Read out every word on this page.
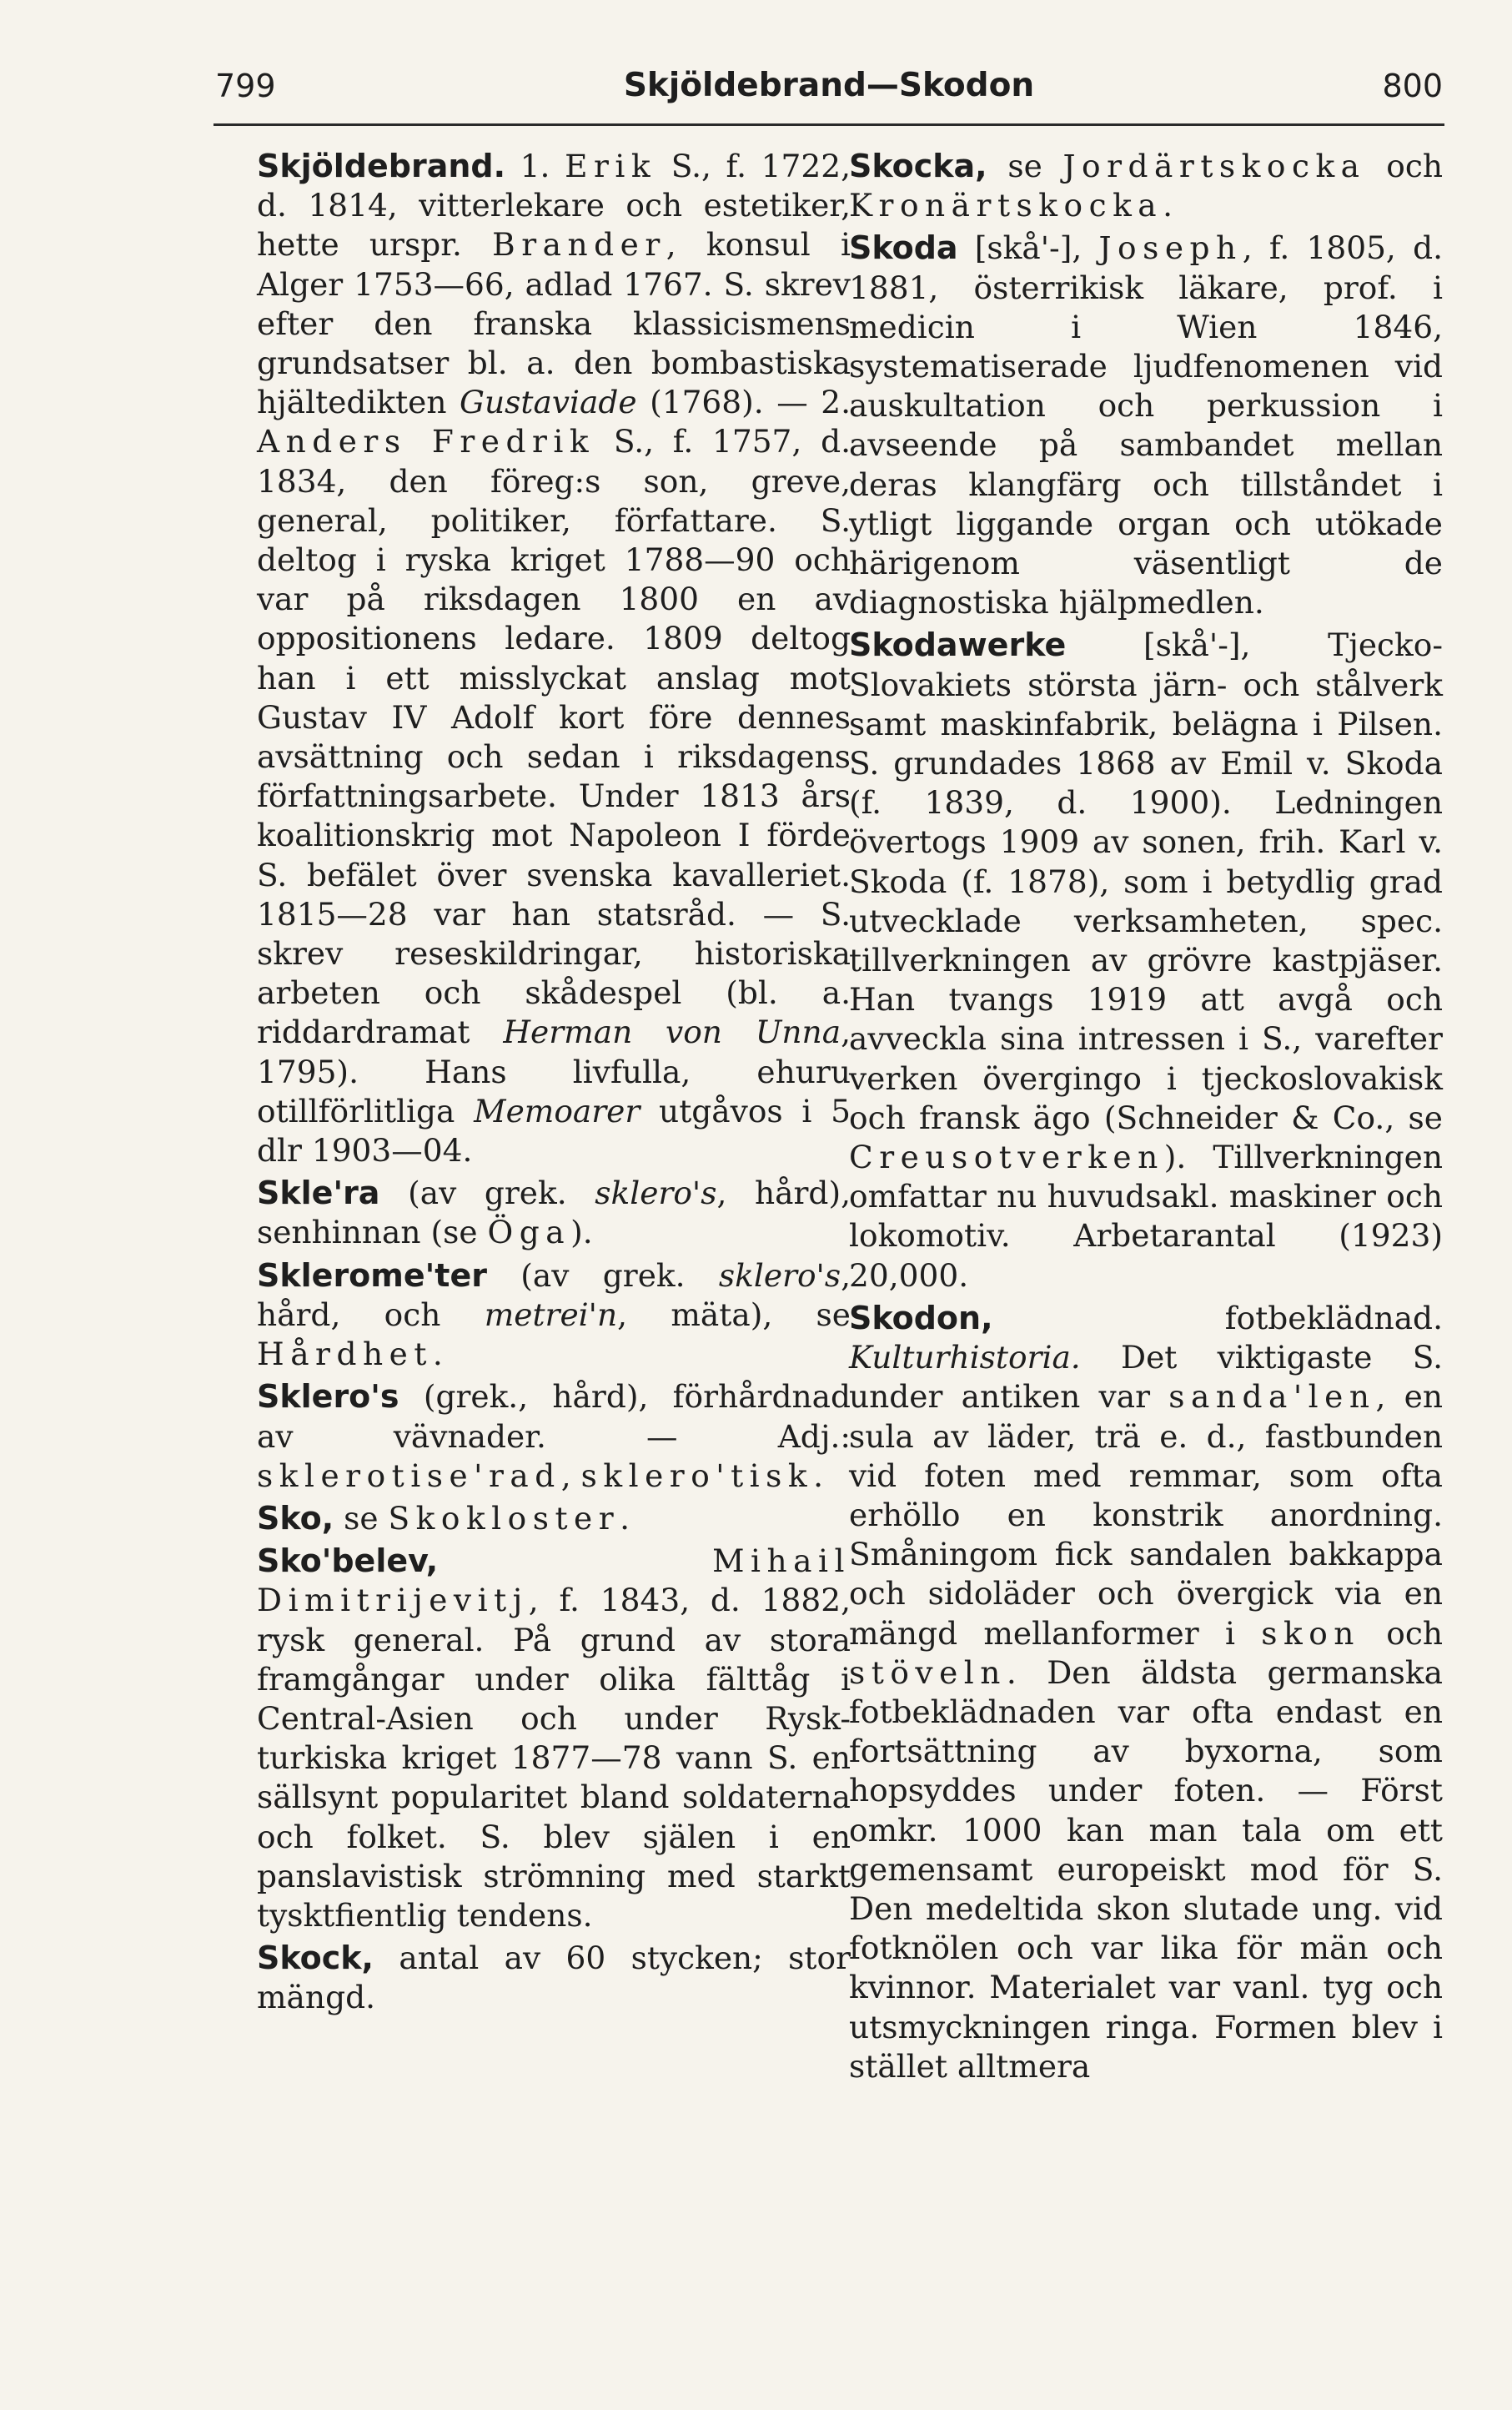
799	Skjöldebrand—Skodon	800

Skjöldebrand. 1. Erik S., f. 1722, d. 1814, vitterlekare och estetiker, hette urspr. Brander, konsul i Alger 1753—66, adlad 1767. S. skrev efter den franska klassicismens grundsatser bl. a. den bombastiska hjältedikten Gustaviade (1768). — 2. Anders Fredrik S., f. 1757, d. 1834, den föreg:s son, greve, general, politiker, författare. S. deltog i ryska kriget 1788—90 och var på riksdagen 1800 en av oppositionens ledare. 1809 deltog han i ett misslyckat anslag mot Gustav IV Adolf kort före dennes avsättning och sedan i riksdagens författningsarbete. Under 1813 års koalitionskrig mot Napoleon I förde S. befälet över svenska kavalleriet. 1815—28 var han statsråd. — S. skrev reseskildringar, historiska arbeten och skådespel (bl. a. riddardramat Herman von Unna, 1795). Hans livfulla, ehuru otillförlitliga Memoarer utgåvos i 5 dlr 1903—04.

Skle'ra (av grek. sklero's, hård), senhinnan (se Öga).

Sklerome'ter (av grek. sklero's, hård, och metrei'n, mäta), se Hårdhet.

Sklero's (grek., hård), förhårdnad av vävnader. — Adj.: sklerotise'rad, sklero'tisk.

Sko, se Skokloster.

Sko'belev,	Mihail Dimitrijevitj, f. 1843, d. 1882, rysk general. På grund av stora framgångar under olika fälttåg i Central-Asien och under Rysk-turkiska kriget 1877—78 vann S. en sällsynt popularitet bland soldaterna och folket. S. blev själen i en panslavistisk strömning med starkt tysktfientlig tendens.

Skock, antal av 60 stycken; stor mängd.

Skocka, se Jordärtskocka och Kronärtskocka.

Skoda [skå'-], Joseph, f. 1805, d. 1881, österrikisk läkare, prof. i medicin i Wien 1846, systematiserade ljudfenomenen vid auskultation och perkussion i avseende på sambandet mellan deras klangfärg och tillståndet i ytligt liggande organ och utökade härigenom väsentligt de diagnostiska hjälpmedlen.

Skodawerke [skå'-], Tjecko-Slovakiets största järn- och stålverk samt maskinfabrik, belägna i Pilsen. S. grundades 1868 av Emil v. Skoda (f. 1839, d. 1900). Ledningen övertogs 1909 av sonen, frih. Karl v. Skoda (f. 1878), som i betydlig grad utvecklade verksamheten, spec. tillverkningen av grövre kastpjäser. Han tvangs 1919 att avgå och avveckla sina intressen i S., varefter verken övergingo i tjeckoslovakisk och fransk ägo (Schneider & Co., se Creusotverken). Tillverkningen omfattar nu huvudsakl. maskiner och lokomotiv. Arbetarantal (1923) 20,000.

Skodon, fotbeklädnad. Kulturhistoria. Det viktigaste S. under antiken var sanda'len, en sula av läder, trä e. d., fastbunden vid foten med remmar, som ofta erhöllo en konstrik anordning. Småningom fick sandalen bakkappa och sidoläder och övergick via en mängd mellanformer i skon och stöveln. Den äldsta germanska fotbeklädnaden var ofta endast en fortsättning av byxorna, som hopsyddes under foten. — Först omkr. 1000 kan man tala om ett gemensamt europeiskt mod för S. Den medeltida skon slutade ung. vid fotknölen och var lika för män och kvinnor. Materialet var vanl. tyg och utsmyckningen ringa. Formen blev i stället alltmera
